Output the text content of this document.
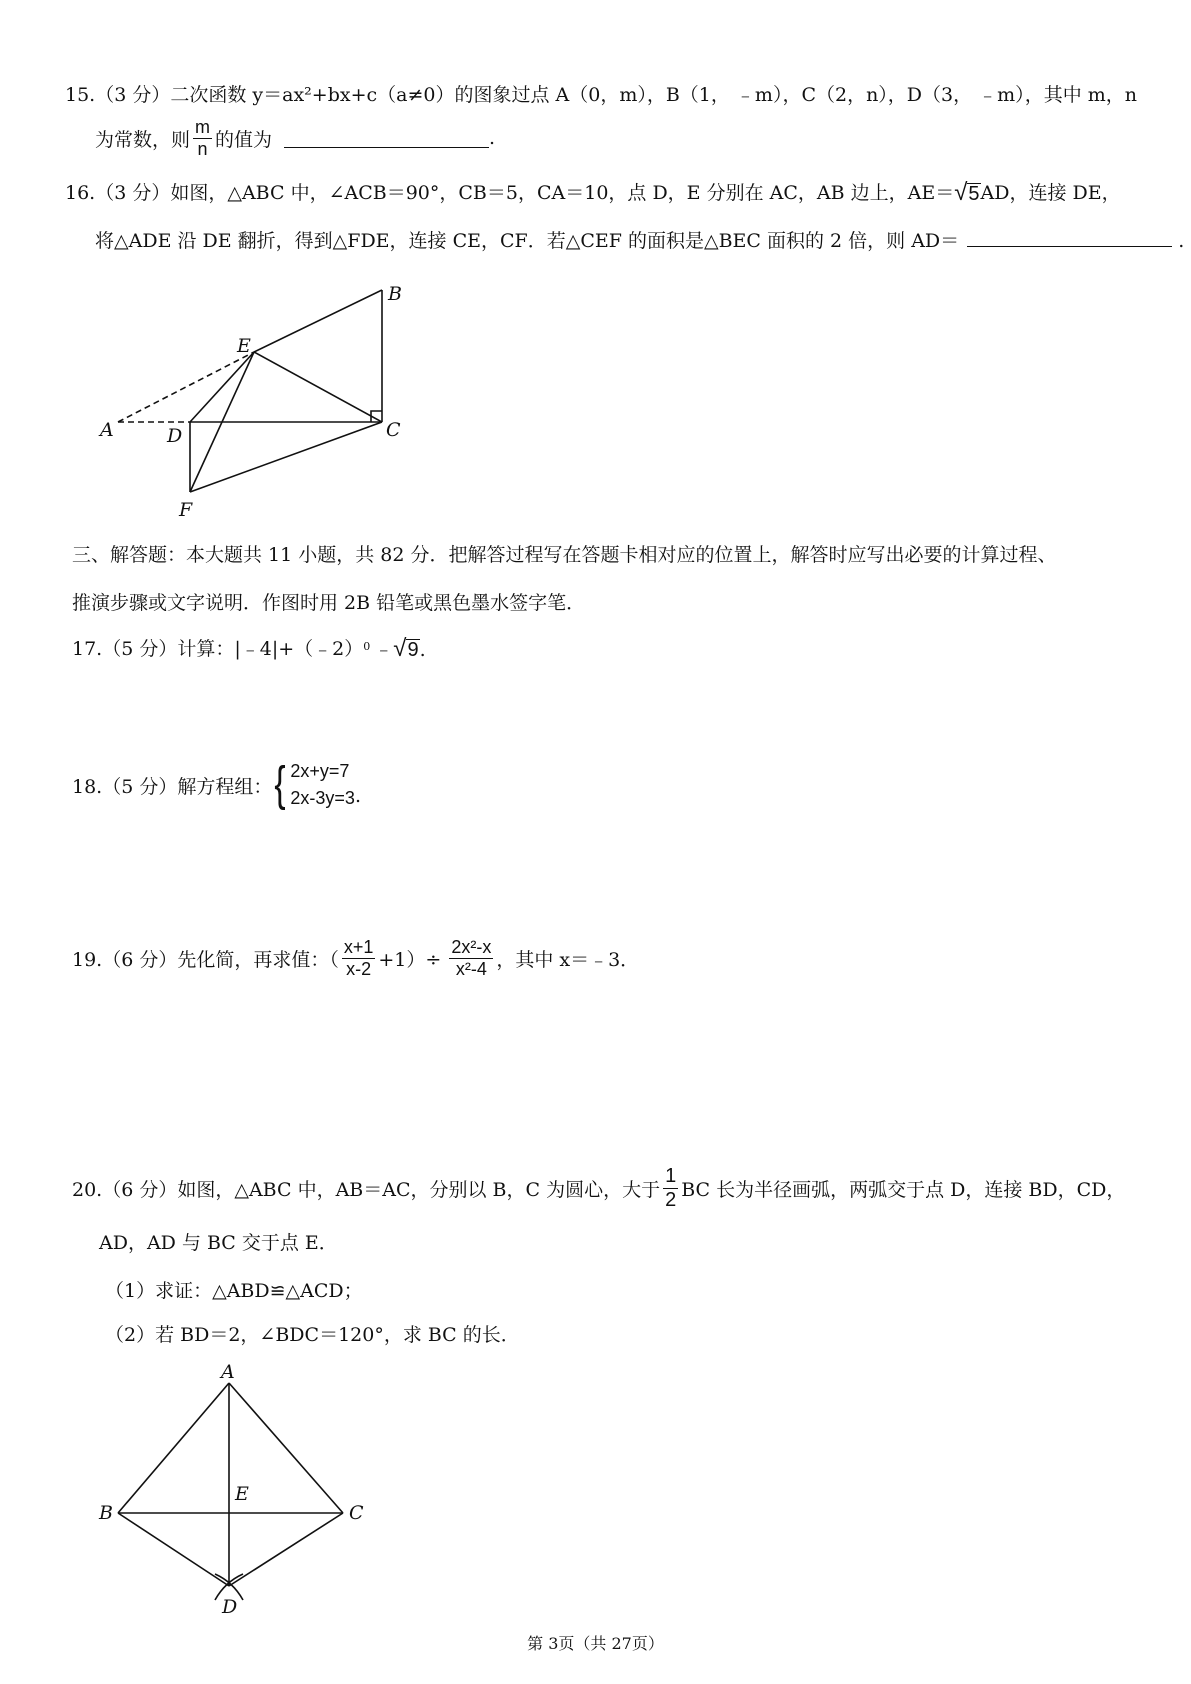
15.（3 分）二次函数 y＝ax²+bx+c（a≠0）的图象过点 A（0，m），B（1， ﹣m），C（2，n），D（3， ﹣m），其中 m，n
为常数，则 $\frac{m}{n}$ 的值为	.
16.（3 分）如图，△ABC 中，∠ACB＝90°，CB＝5，CA＝10，点 D，E 分别在 AC，AB 边上，AE＝ √ 5 AD，连接 DE，
将△ADE 沿 DE 翻折，得到△FDE，连接 CE，CF．若△CEF 的面积是△BEC 面积的 2 倍，则 AD＝	.
A
B
C
D
E
F
三、解答题：本大题共 11 小题，共 82 分．把解答过程写在答题卡相对应的位置上，解答时应写出必要的计算过程、
推演步骤或文字说明．作图时用 2B 铅笔或黑色墨水签字笔．
17.（5 分）计算：|﹣4|+（﹣2）$^0$ ﹣ √ 9 .
18.（5 分）解方程组： { 2x+y=7
2x-3y=3 .
19.（6 分）先化简，再求值：（ $\frac{x+1}{x-2} +1)\div \frac{\text{2x²-x}}{\text{x²-4}}$ ，其中 x＝﹣3．
20.（6 分）如图，△ABC 中，AB＝AC，分别以 B，C 为圆心，大于 $\frac{1}{2}$ BC 长为半径画弧，两弧交于点 D，连接 BD，CD，
AD，AD 与 BC 交于点 E．
（1）求证：△ABD≌△ACD；
（2）若 BD＝2，∠BDC＝120°，求 BC 的长．
A
B	C
E
D
第 3页（共 27页）
